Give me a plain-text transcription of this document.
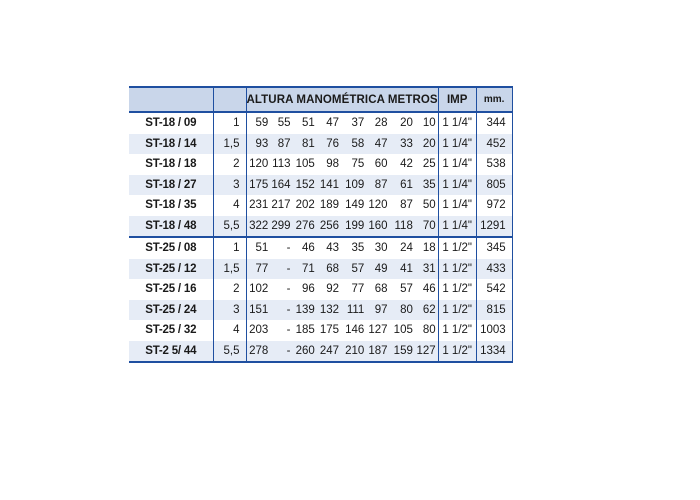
		ALTURA MANOMÉTRICA METROS								IMP	mm.
ST-18 / 09	1	59	55	51	47	37	28	20	10	1 1/4"	344
ST-18 / 14	1,5	93	87	81	76	58	47	33	20	1 1/4"	452
ST-18 / 18	2	120	113	105	98	75	60	42	25	1 1/4"	538
ST-18 / 27	3	175	164	152	141	109	87	61	35	1 1/4"	805
ST-18 / 35	4	231	217	202	189	149	120	87	50	1 1/4"	972
ST-18 / 48	5,5	322	299	276	256	199	160	118	70	1 1/4"	1291
ST-25 / 08	1	51	-	46	43	35	30	24	18	1 1/2"	345
ST-25 / 12	1,5	77	-	71	68	57	49	41	31	1 1/2"	433
ST-25 / 16	2	102	-	96	92	77	68	57	46	1 1/2"	542
ST-25 / 24	3	151	-	139	132	111	97	80	62	1 1/2"	815
ST-25 / 32	4	203	-	185	175	146	127	105	80	1 1/2"	1003
ST-2 5/ 44	5,5	278	-	260	247	210	187	159	127	1 1/2"	1334
